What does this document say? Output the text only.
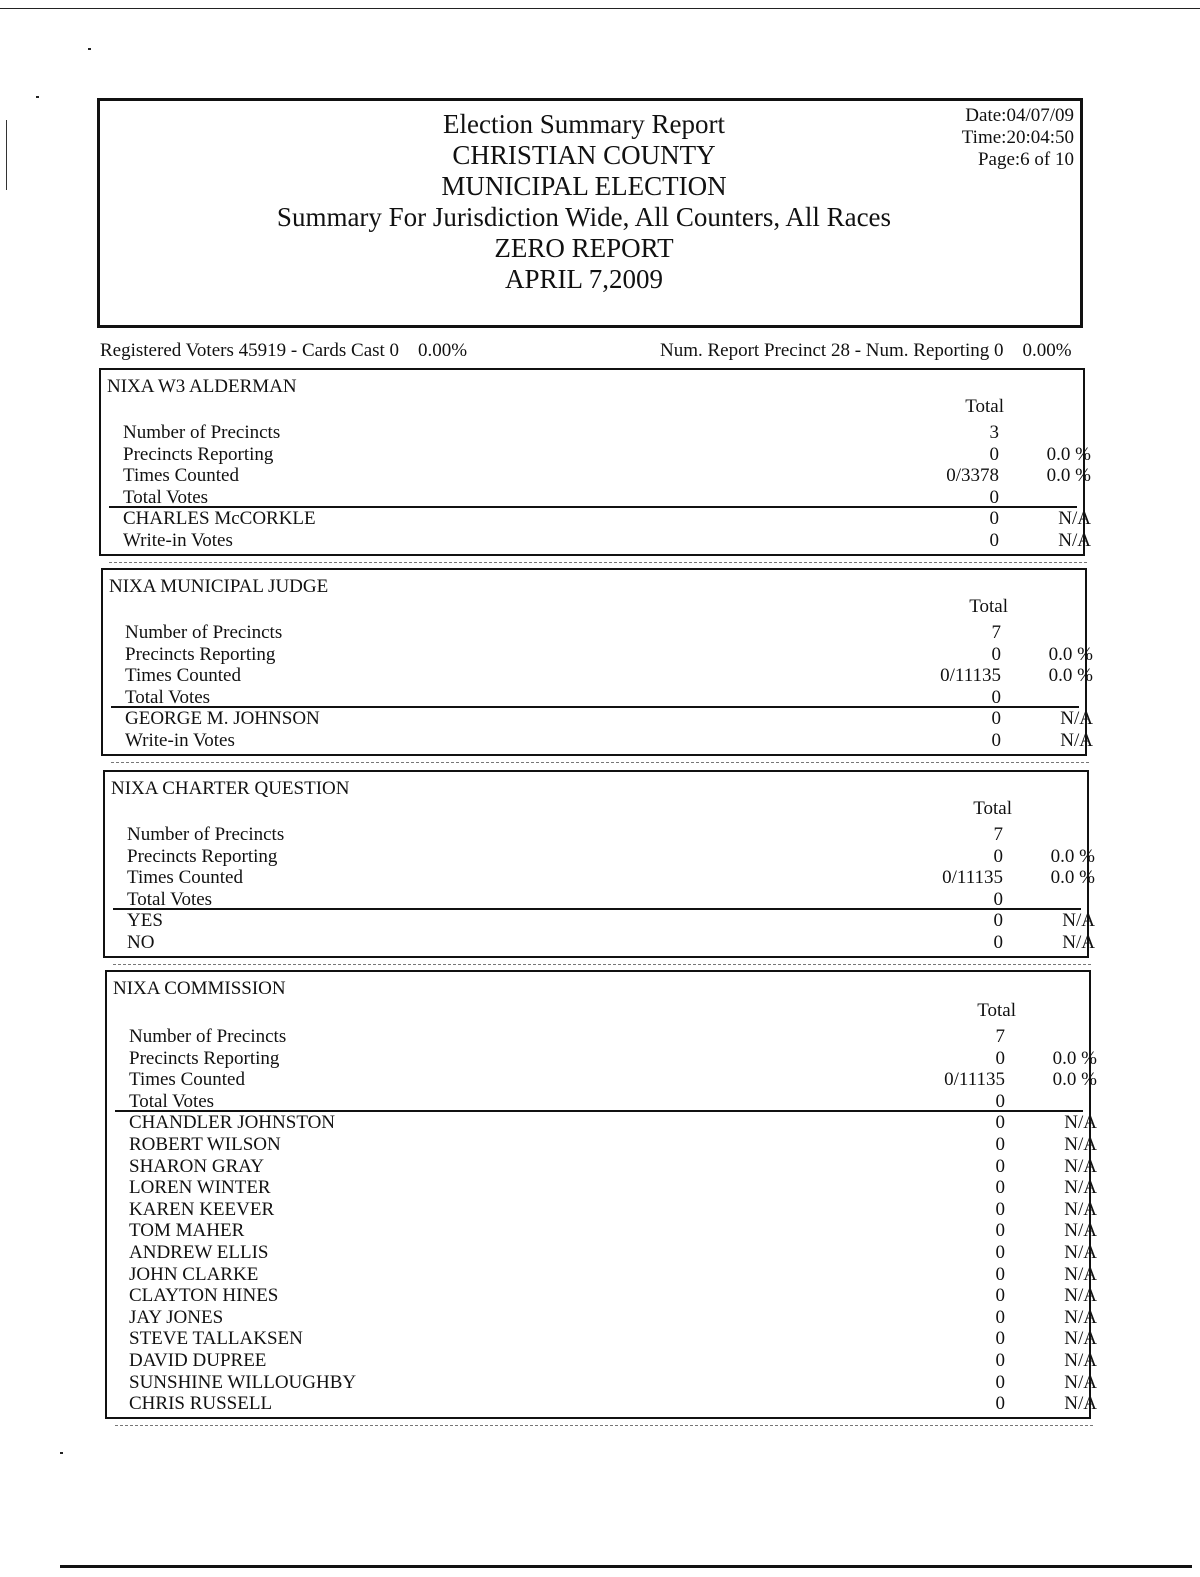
Election Summary Report
CHRISTIAN COUNTY
MUNICIPAL ELECTION
Summary For Jurisdiction Wide, All Counters, All Races
ZERO REPORT
APRIL 7,2009
Date:04/07/09
Time:20:04:50
Page:6 of 10
Registered Voters 45919 - Cards Cast 0    0.00%	Num. Report Precinct 28 - Num. Reporting 0    0.00%
NIXA W3 ALDERMAN
Total
Number of Precincts	3
Precincts Reporting	0	0.0 %
Times Counted	0/3378	0.0 %
Total Votes	0
CHARLES McCORKLE	0	N/A
Write-in Votes	0	N/A
NIXA MUNICIPAL JUDGE
Total
Number of Precincts	7
Precincts Reporting	0	0.0 %
Times Counted	0/11135	0.0 %
Total Votes	0
GEORGE M. JOHNSON	0	N/A
Write-in Votes	0	N/A
NIXA CHARTER QUESTION
Total
Number of Precincts	7
Precincts Reporting	0	0.0 %
Times Counted	0/11135	0.0 %
Total Votes	0
YES	0	N/A
NO	0	N/A
NIXA COMMISSION
Total
Number of Precincts	7
Precincts Reporting	0	0.0 %
Times Counted	0/11135	0.0 %
Total Votes	0
CHANDLER JOHNSTON	0	N/A
ROBERT WILSON	0	N/A
SHARON GRAY	0	N/A
LOREN WINTER	0	N/A
KAREN KEEVER	0	N/A
TOM MAHER	0	N/A
ANDREW ELLIS	0	N/A
JOHN CLARKE	0	N/A
CLAYTON HINES	0	N/A
JAY JONES	0	N/A
STEVE TALLAKSEN	0	N/A
DAVID DUPREE	0	N/A
SUNSHINE WILLOUGHBY	0	N/A
CHRIS RUSSELL	0	N/A
